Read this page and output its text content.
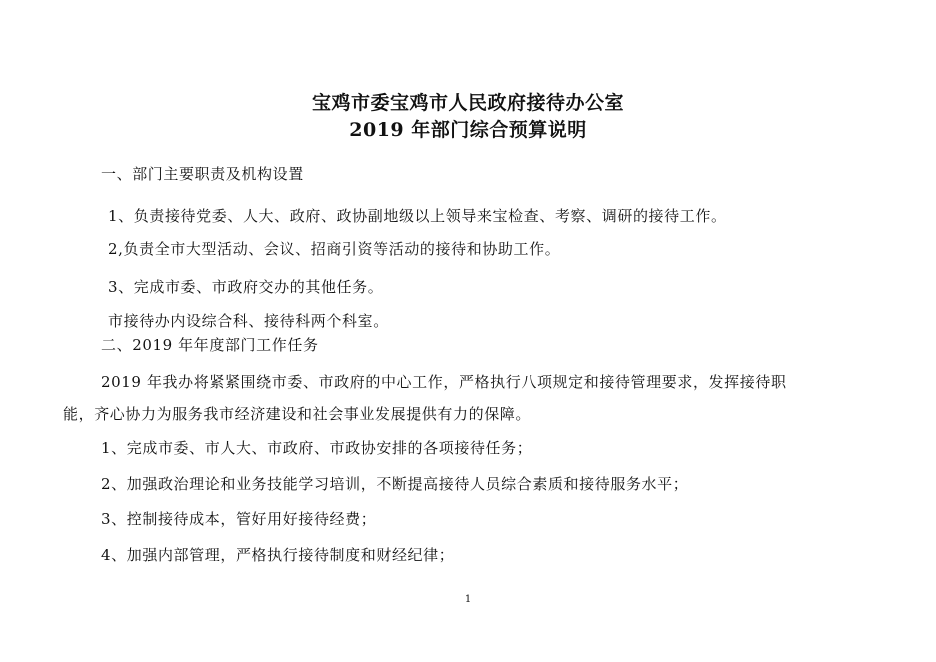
宝鸡市委宝鸡市人民政府接待办公室
2019 年部门综合预算说明
一、部门主要职责及机构设置
1、负责接待党委、人大、政府、政协副地级以上领导来宝检查、考察、调研的接待工作。
2,负责全市大型活动、会议、招商引资等活动的接待和协助工作。
3、完成市委、市政府交办的其他任务。
市接待办内设综合科、接待科两个科室。
二、2019 年年度部门工作任务
2019 年我办将紧紧围绕市委、市政府的中心工作，严格执行八项规定和接待管理要求，发挥接待职
能，齐心协力为服务我市经济建设和社会事业发展提供有力的保障。
1、完成市委、市人大、市政府、市政协安排的各项接待任务；
2、加强政治理论和业务技能学习培训，不断提高接待人员综合素质和接待服务水平；
3、控制接待成本，管好用好接待经费；
4、加强内部管理，严格执行接待制度和财经纪律；
1
